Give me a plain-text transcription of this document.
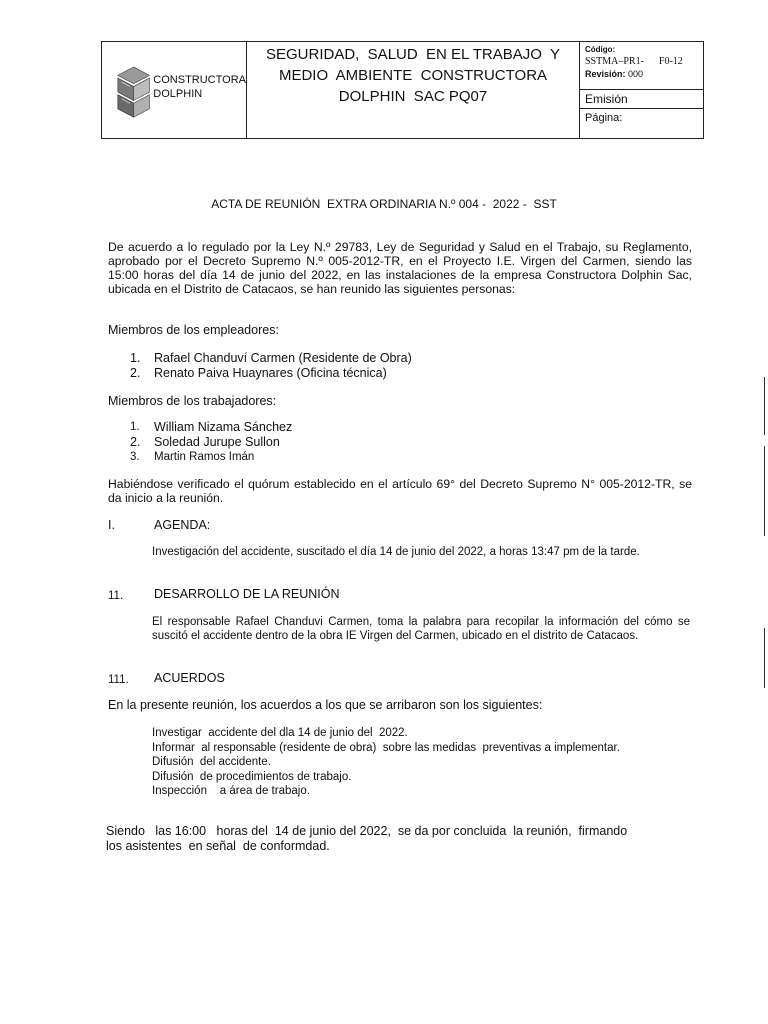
CONSTRUCTORA
DOLPHIN
SEGURIDAD,  SALUD  EN EL TRABAJO  Y
MEDIO  AMBIENTE  CONSTRUCTORA
DOLPHIN  SAC PQ07
Código:
SSTMA–PR1-      F0-12
Revisión: 000
Emisión
Página:
ACTA DE REUNIÓN  EXTRA ORDINARIA N.º 004 -  2022 -  SST
De acuerdo a lo regulado por la Ley N.º 29783, Ley de Seguridad y Salud en el Trabajo, su Reglamento, aprobado por el Decreto Supremo N.º 005-2012-TR, en el Proyecto I.E. Virgen del Carmen, siendo las 15:00 horas del día 14 de junio del 2022, en las instalaciones de la empresa Constructora Dolphin Sac, ubicada en el Distrito de Catacaos, se han reunido las siguientes personas:
Miembros de los empleadores:
1.	Rafael Chanduví Carmen (Residente de Obra)
2.	Renato Paiva Huaynares (Oficina técnica)
Miembros de los trabajadores:
1.	William Nizama Sánchez
2.	Soledad Jurupe Sullon
3.	Martin Ramos Imán
Habiéndose verificado el quórum establecido en el artículo 69° del Decreto Supremo N° 005-2012-TR, se da inicio a la reunión.
I.	AGENDA:
Investigación del accidente, suscitado el día 14 de junio del 2022, a horas 13:47 pm de la tarde.
11. DESARROLLO DE LA REUNIÓN
El responsable Rafael Chanduvi Carmen, toma la palabra para recopilar la información del cómo se suscitó el accidente dentro de la obra IE Virgen del Carmen, ubicado en el distrito de Catacaos.
111. ACUERDOS
En la presente reunión, los acuerdos a los que se arribaron son los siguientes:
Investigar  accidente del dla 14 de junio del  2022.
Informar  al responsable (residente de obra)  sobre las medidas  preventivas a implementar.
Difusión  del accidente.
Difusión  de procedimientos de trabajo.
Inspección    a área de trabajo.
Siendo   las 16:00   horas del  14 de junio del 2022,  se da por concluida  la reunión,  firmando
los asistentes  en señal  de conformdad.
